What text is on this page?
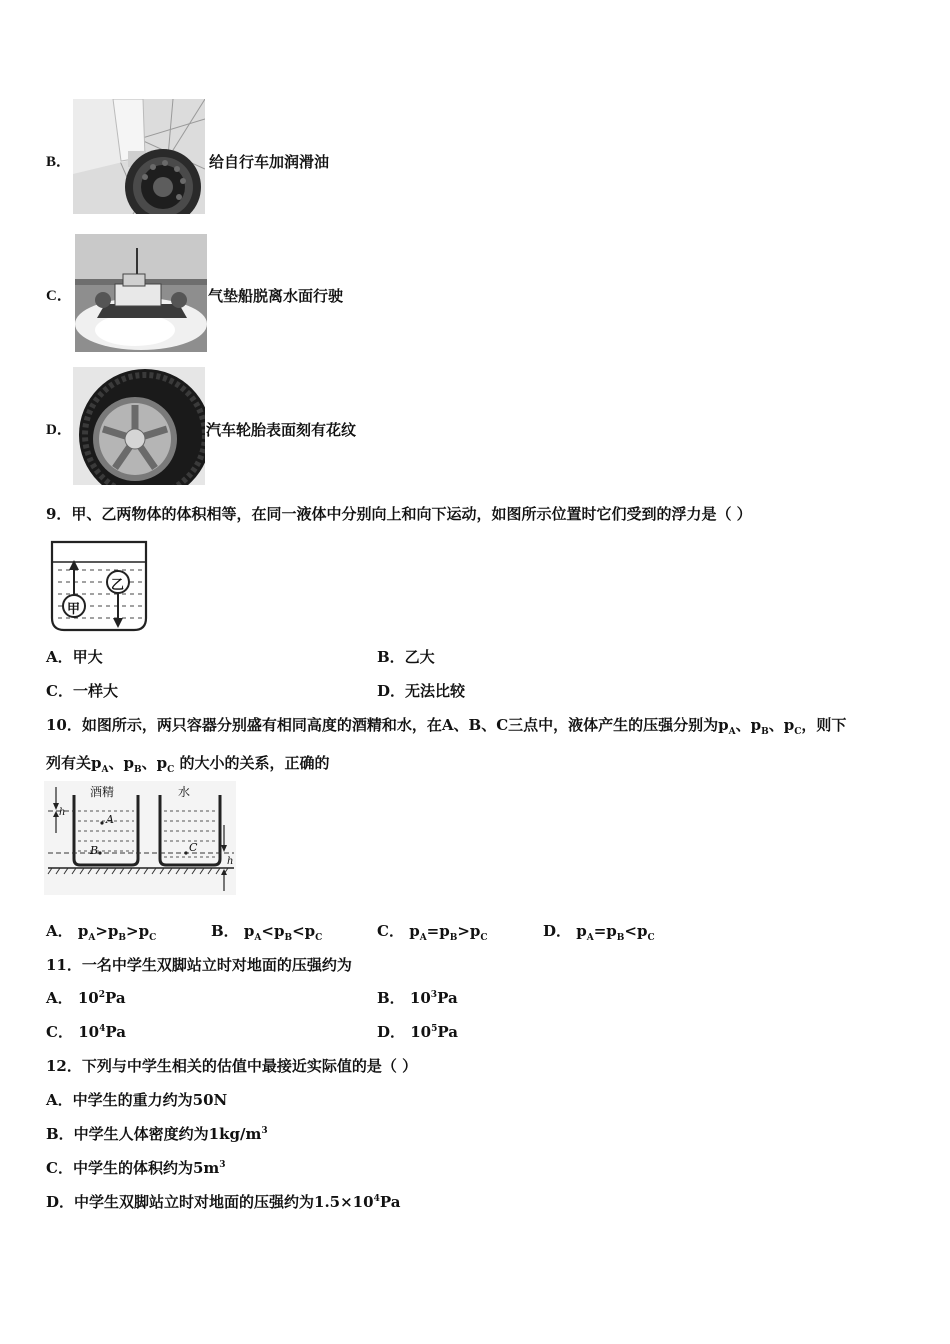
B．	给自行车加润滑油
C．	气垫船脱离水面行驶
D．	汽车轮胎表面刻有花纹
9．甲、乙两物体的体积相等，在同一液体中分别向上和向下运动，如图所示位置时它们受到的浮力是（ ）
甲
乙
A．甲大	B．乙大
C．一样大	D．无法比较
10．如图所示，两只容器分别盛有相同高度的酒精和水，在A、B、C三点中，液体产生的压强分别为$p_A$、$p_B$、$p_C$，则下
列有关$p_A$、$p_B$、$p_C$ 的大小的关系，正确的
酒精	水
A
B	C
h
h
A． $p_A>p_B>p_C$	B． $p_A<p_B<p_C$	C． $p_A=p_B>p_C$	D． $p_A=p_B<p_C$
11．一名中学生双脚站立时对地面的压强约为
A． $10^2Pa$	B． $10^3Pa$
C． $10^4Pa$	D． $10^5Pa$
12．下列与中学生相关的估值中最接近实际值的是（ ）
A．中学生的重力约为50N
B．中学生人体密度约为$1kg/m^3$
C．中学生的体积约为$5m^3$
D．中学生双脚站立时对地面的压强约为$1.5\times 10^4Pa$
